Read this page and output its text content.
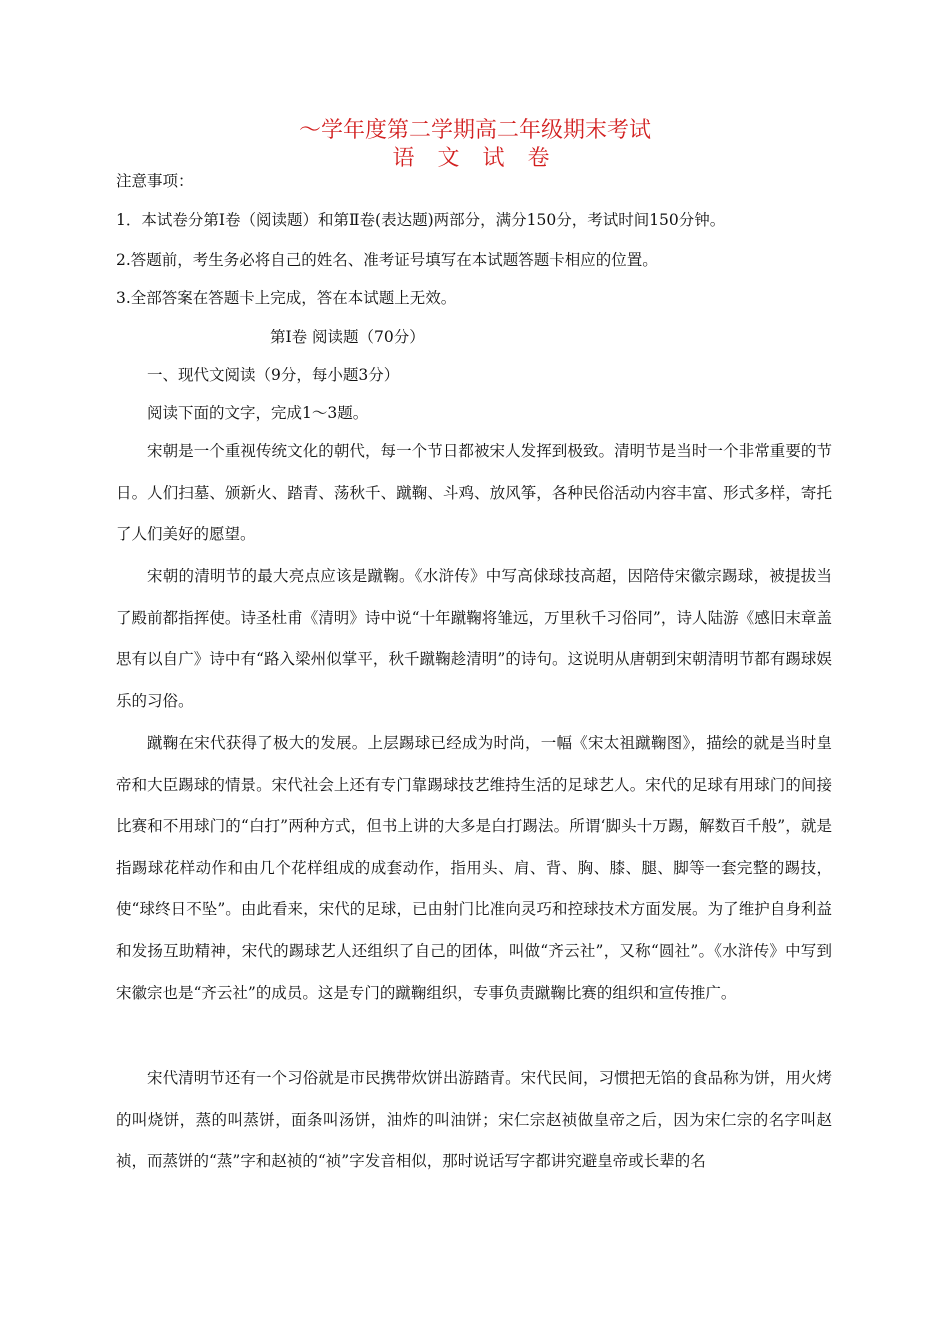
～学年度第二学期高二年级期末考试
语 文 试 卷
注意事项：
1．本试卷分第Ⅰ卷（阅读题）和第Ⅱ卷(表达题)两部分，满分150分，考试时间150分钟。
2.答题前，考生务必将自己的姓名、准考证号填写在本试题答题卡相应的位置。
3.全部答案在答题卡上完成，答在本试题上无效。
第Ⅰ卷 阅读题（70分）
一、现代文阅读（9分，每小题3分）
阅读下面的文字，完成1～3题。
宋朝是一个重视传统文化的朝代，每一个节日都被宋人发挥到极致。清明节是当时一个非常重要的节日。人们扫墓、颁新火、踏青、荡秋千、蹴鞠、斗鸡、放风筝，各种民俗活动内容丰富、形式多样，寄托了人们美好的愿望。
宋朝的清明节的最大亮点应该是蹴鞠。《水浒传》中写高俅球技高超，因陪侍宋徽宗踢球，被提拔当了殿前都指挥使。诗圣杜甫《清明》诗中说“十年蹴鞠将雏远，万里秋千习俗同”，诗人陆游《感旧末章盖思有以自广》诗中有“路入梁州似掌平，秋千蹴鞠趁清明”的诗句。这说明从唐朝到宋朝清明节都有踢球娱乐的习俗。
蹴鞠在宋代获得了极大的发展。上层踢球已经成为时尚，一幅《宋太祖蹴鞠图》，描绘的就是当时皇帝和大臣踢球的情景。宋代社会上还有专门靠踢球技艺维持生活的足球艺人。宋代的足球有用球门的间接比赛和不用球门的“白打”两种方式，但书上讲的大多是白打踢法。所谓‘脚头十万踢，解数百千般”，就是指踢球花样动作和由几个花样组成的成套动作，指用头、肩、背、胸、膝、腿、脚等一套完整的踢技，使“球终日不坠”。由此看来，宋代的足球，已由射门比准向灵巧和控球技术方面发展。为了维护自身利益和发扬互助精神，宋代的踢球艺人还组织了自己的团体，叫做“齐云社”，又称“圆社”。《水浒传》中写到宋徽宗也是“齐云社”的成员。这是专门的蹴鞠组织，专事负责蹴鞠比赛的组织和宣传推广。
宋代清明节还有一个习俗就是市民携带炊饼出游踏青。宋代民间，习惯把无馅的食品称为饼，用火烤的叫烧饼，蒸的叫蒸饼，面条叫汤饼，油炸的叫油饼；宋仁宗赵祯做皇帝之后，因为宋仁宗的名字叫赵祯，而蒸饼的“蒸”字和赵祯的“祯”字发音相似，那时说话写字都讲究避皇帝或长辈的名
